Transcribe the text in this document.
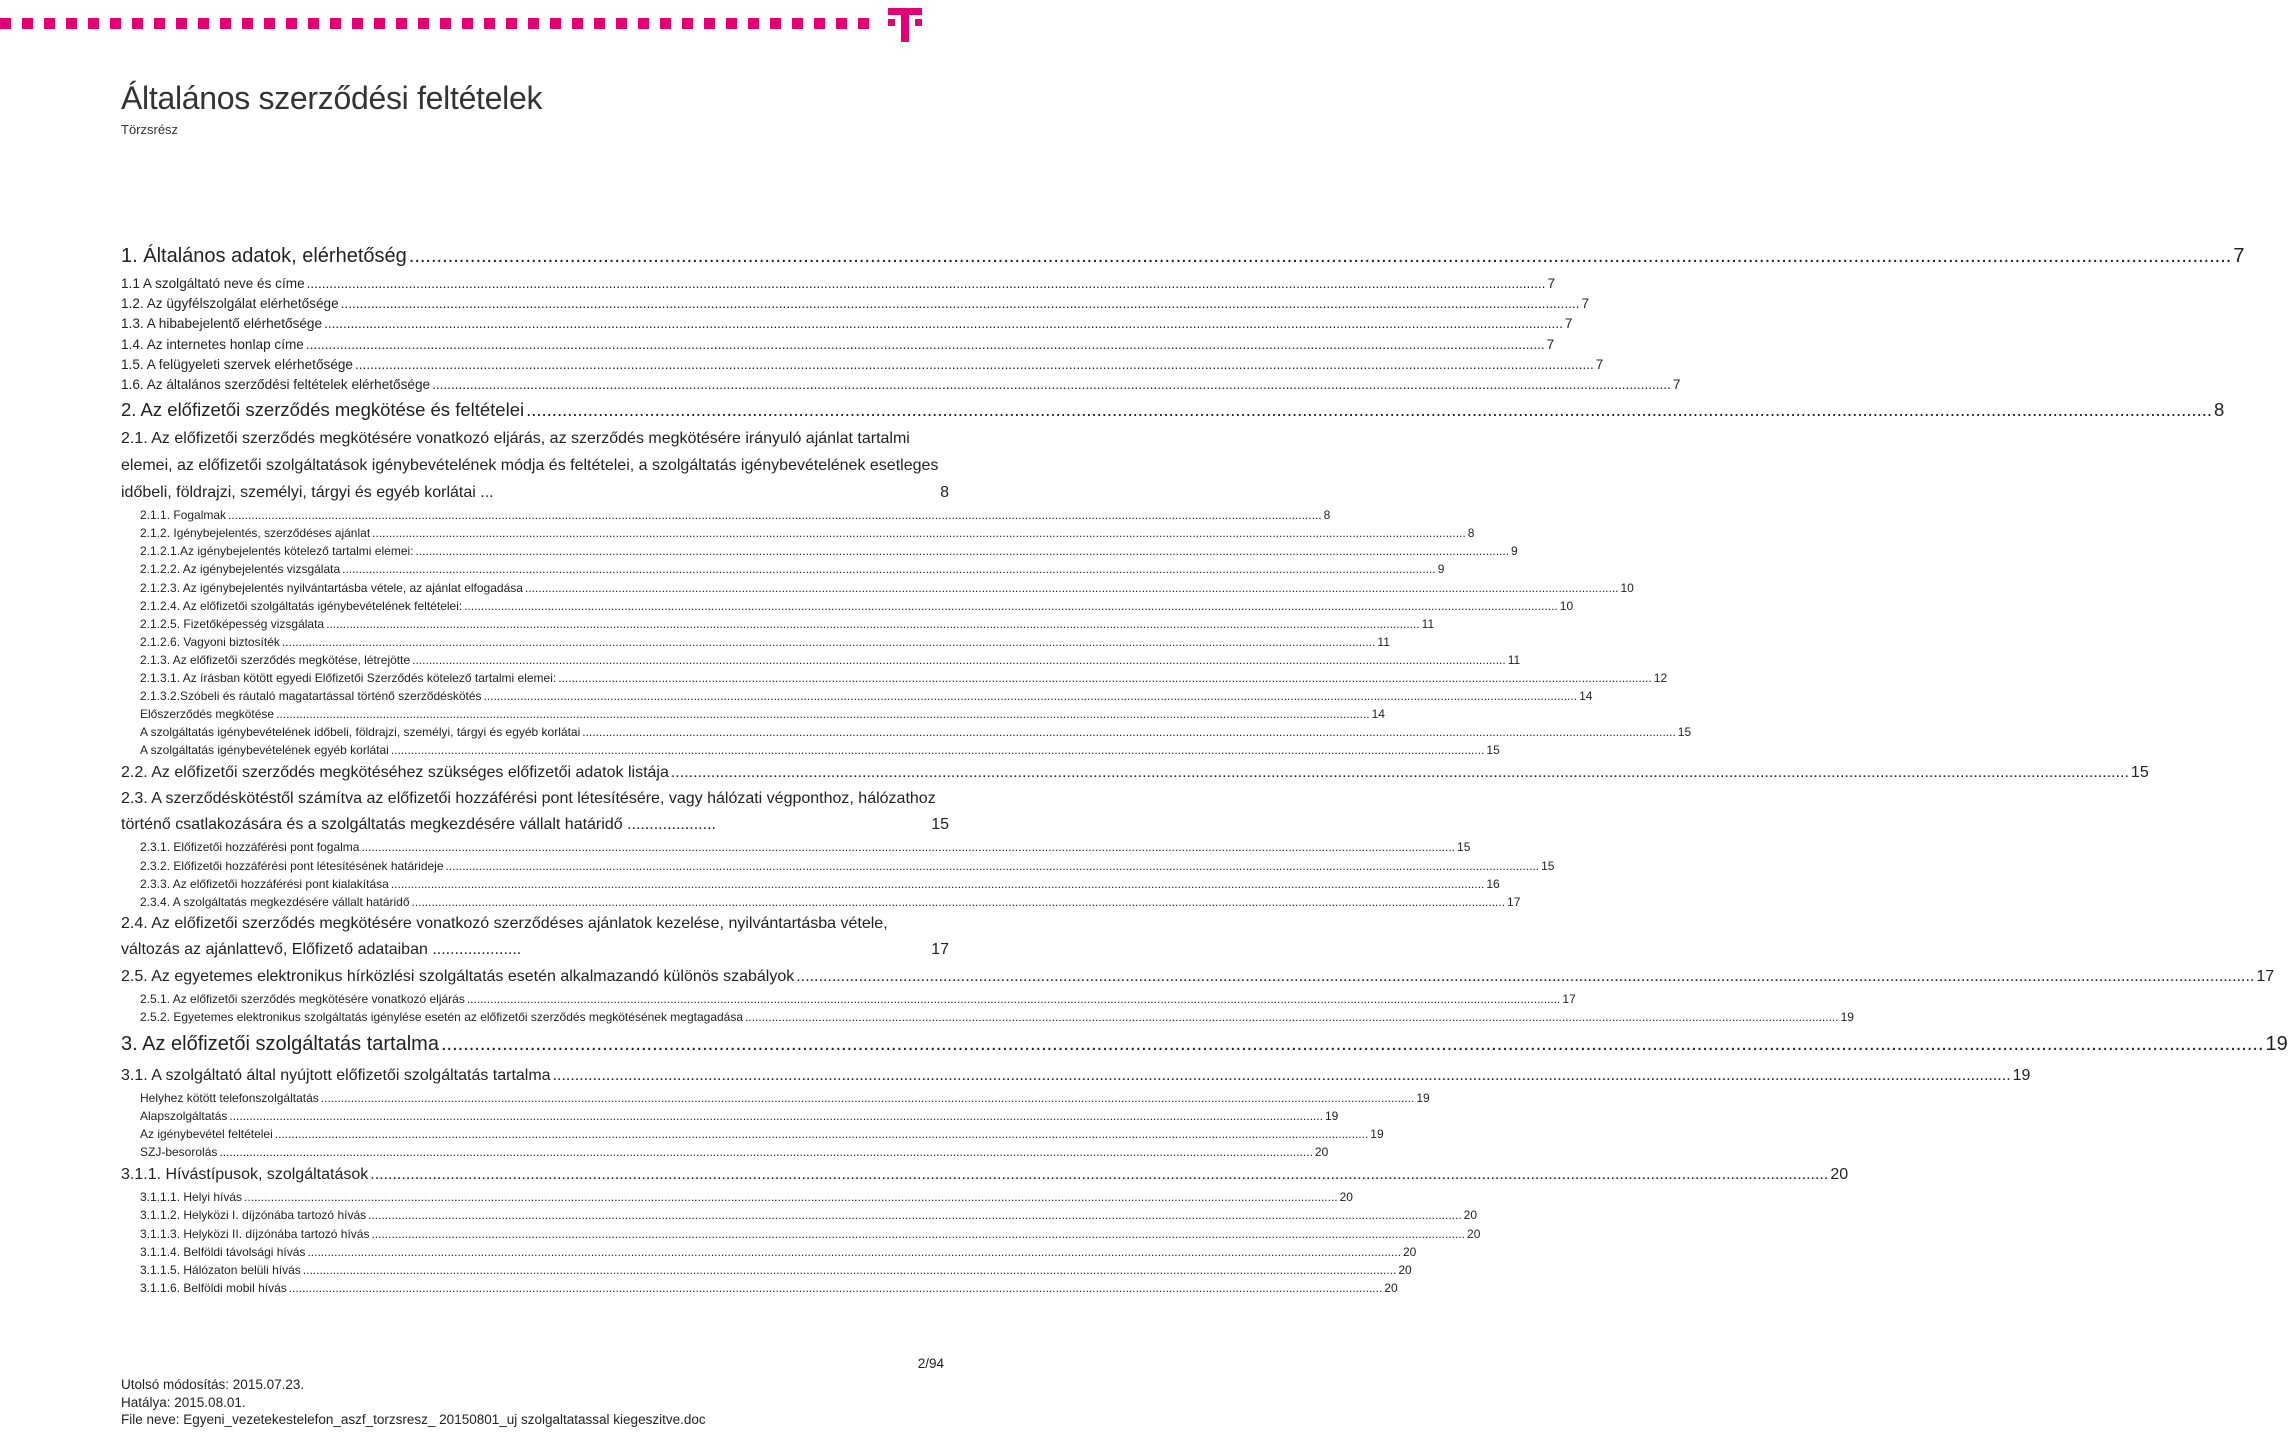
Általános szerződési feltételek
Törzsrész
1. Általános adatok, elérhetőség .....	7
1.1 A szolgáltató neve és címe .....	7
1.2. Az ügyfélszolgálat elérhetősége .....	7
1.3. A hibabejelentő elérhetősége .....	7
1.4. Az internetes honlap címe .....	7
1.5. A felügyeleti szervek elérhetősége .....	7
1.6. Az általános szerződési feltételek elérhetősége .....	7
2. Az előfizetői szerződés megkötése és feltételei .....	8
2.1. Az előfizetői szerződés megkötésére vonatkozó eljárás, az szerződés megkötésére irányuló ajánlat tartalmi elemei, az előfizetői szolgáltatások igénybevételének módja és feltételei, a szolgáltatás igénybevételének esetleges időbeli, földrajzi, személyi, tárgyi és egyéb korlátai ...	8
2.1.1. Fogalmak .....	8
2.1.2. Igénybejelentés, szerződéses ajánlat .....	8
2.1.2.1.Az igénybejelentés kötelező tartalmi elemei: .....	9
2.1.2.2. Az igénybejelentés vizsgálata .....	9
2.1.2.3. Az igénybejelentés nyilvántartásba vétele, az ajánlat elfogadása .....	10
2.1.2.4. Az előfizetői szolgáltatás igénybevételének feltételei: .....	10
2.1.2.5. Fizetőképesség vizsgálata .....	11
2.1.2.6. Vagyoni biztosíték .....	11
2.1.3. Az előfizetői szerződés megkötése, létrejötte .....	11
2.1.3.1. Az írásban kötött egyedi Előfizetői Szerződés kötelező tartalmi elemei: .....	12
2.1.3.2.Szóbeli és ráutaló magatartással történő szerződéskötés .....	14
Előszerződés megkötése .....	14
A szolgáltatás igénybevételének időbeli, földrajzi, személyi, tárgyi és egyéb korlátai .....	15
A szolgáltatás igénybevételének egyéb korlátai .....	15
2.2. Az előfizetői szerződés megkötéséhez szükséges előfizetői adatok listája .....	15
2.3. A szerződéskötéstől számítva az előfizetői hozzáférési pont létesítésére, vagy hálózati végponthoz, hálózathoz történő csatlakozására és a szolgáltatás megkezdésére vállalt határidő ....................	15
2.3.1. Előfizetői hozzáférési pont fogalma .....	15
2.3.2. Előfizetői hozzáférési pont létesítésének határideje .....	15
2.3.3. Az előfizetői hozzáférési pont kialakítása .....	16
2.3.4. A szolgáltatás megkezdésére vállalt határidő .....	17
2.4. Az előfizetői szerződés megkötésére vonatkozó szerződéses ajánlatok kezelése, nyilvántartásba vétele, változás az ajánlattevő, Előfizető adataiban ....................	17
2.5. Az egyetemes elektronikus hírközlési szolgáltatás esetén alkalmazandó különös szabályok .....	17
2.5.1. Az előfizetői szerződés megkötésére vonatkozó eljárás .....	17
2.5.2. Egyetemes elektronikus szolgáltatás igénylése esetén az előfizetői szerződés megkötésének megtagadása .....	19
3. Az előfizetői szolgáltatás tartalma .....	19
3.1. A szolgáltató által nyújtott előfizetői szolgáltatás tartalma .....	19
Helyhez kötött telefonszolgáltatás .....	19
Alapszolgáltatás .....	19
Az igénybevétel feltételei .....	19
SZJ-besorolás .....	20
3.1.1. Hívástípusok, szolgáltatások .....	20
3.1.1.1. Helyi hívás .....	20
3.1.1.2. Helyközi I. díjzónába tartozó hívás .....	20
3.1.1.3. Helyközi II. díjzónába tartozó hívás .....	20
3.1.1.4. Belföldi távolsági hívás .....	20
3.1.1.5. Hálózaton belüli hívás .....	20
3.1.1.6. Belföldi mobil hívás .....	20
2/94
Utolsó módosítás: 2015.07.23.
Hatálya: 2015.08.01.
File neve: Egyeni_vezetekestelefon_aszf_torzsresz_ 20150801_uj szolgaltatassal kiegeszitve.doc
